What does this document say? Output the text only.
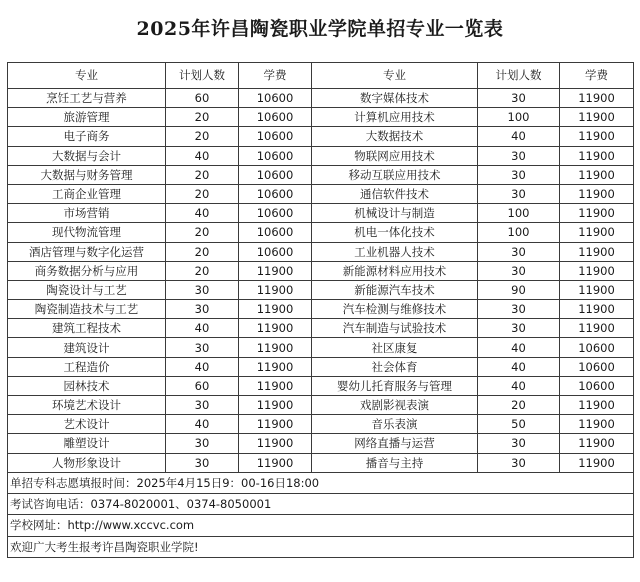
2025年许昌陶瓷职业学院单招专业一览表
专业	计划人数	学费	专业	计划人数	学费
烹饪工艺与营养	60	10600	数字媒体技术	30	11900
旅游管理	20	10600	计算机应用技术	100	11900
电子商务	20	10600	大数据技术	40	11900
大数据与会计	40	10600	物联网应用技术	30	11900
大数据与财务管理	20	10600	移动互联应用技术	30	11900
工商企业管理	20	10600	通信软件技术	30	11900
市场营销	40	10600	机械设计与制造	100	11900
现代物流管理	20	10600	机电一体化技术	100	11900
酒店管理与数字化运营	20	10600	工业机器人技术	30	11900
商务数据分析与应用	20	11900	新能源材料应用技术	30	11900
陶瓷设计与工艺	30	11900	新能源汽车技术	90	11900
陶瓷制造技术与工艺	30	11900	汽车检测与维修技术	30	11900
建筑工程技术	40	11900	汽车制造与试验技术	30	11900
建筑设计	30	11900	社区康复	40	10600
工程造价	40	11900	社会体育	40	10600
园林技术	60	11900	婴幼儿托育服务与管理	40	10600
环境艺术设计	30	11900	戏剧影视表演	20	11900
艺术设计	40	11900	音乐表演	50	11900
雕塑设计	30	11900	网络直播与运营	30	11900
人物形象设计	30	11900	播音与主持	30	11900
单招专科志愿填报时间：2025年4月15日9：00-16日18:00					
考试咨询电话：0374-8020001、0374-8050001					
学校网址：http://www.xccvc.com					
欢迎广大考生报考许昌陶瓷职业学院!					
